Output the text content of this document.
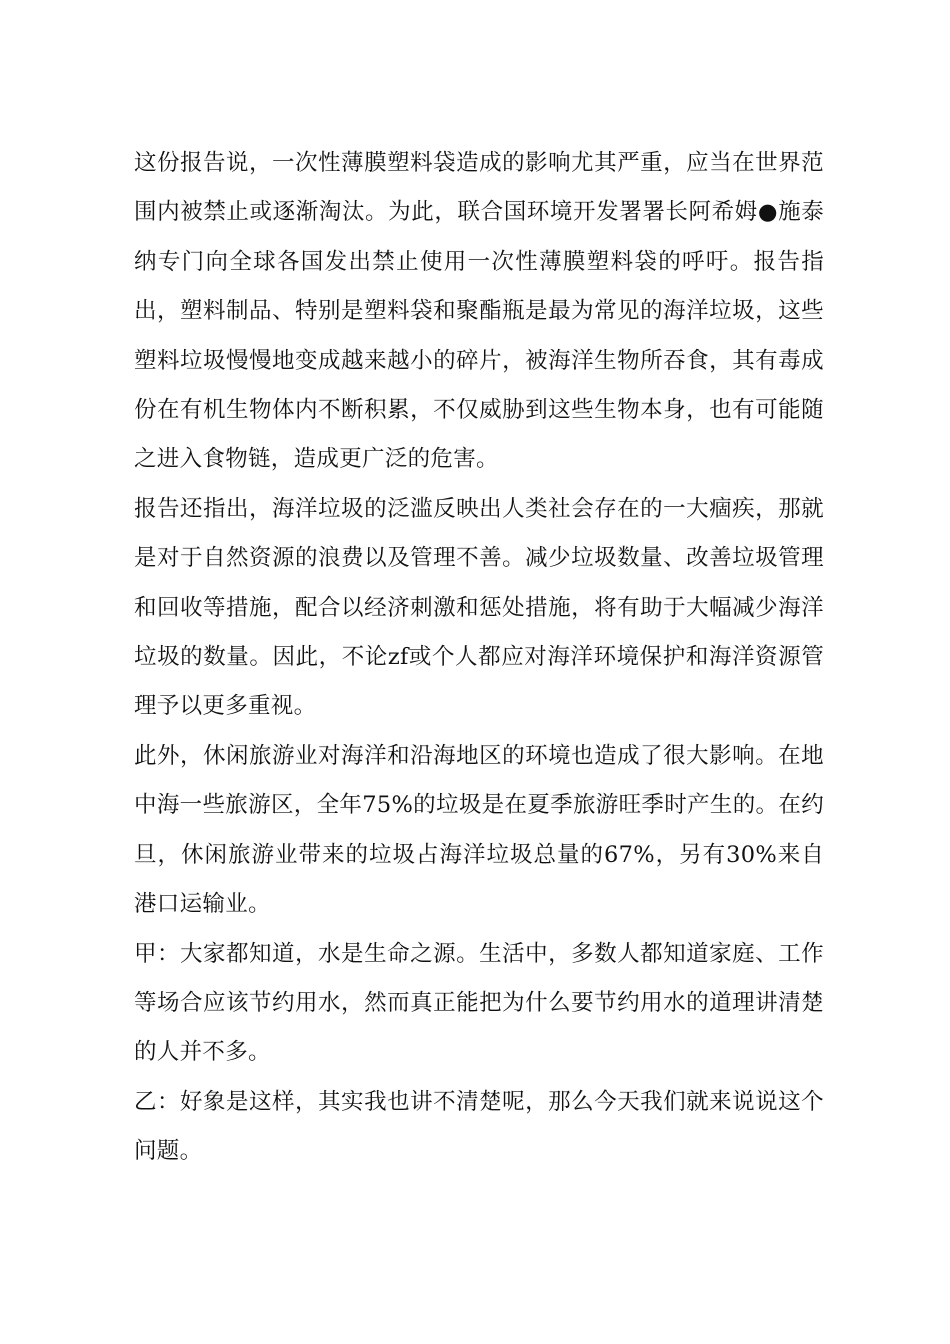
这份报告说，一次性薄膜塑料袋造成的影响尤其严重，应当在世界范围内被禁止或逐渐淘汰。为此，联合国环境开发署署长阿希姆●施泰纳专门向全球各国发出禁止使用一次性薄膜塑料袋的呼吁。报告指出，塑料制品、特别是塑料袋和聚酯瓶是最为常见的海洋垃圾，这些塑料垃圾慢慢地变成越来越小的碎片，被海洋生物所吞食，其有毒成份在有机生物体内不断积累，不仅威胁到这些生物本身，也有可能随之进入食物链，造成更广泛的危害。

报告还指出，海洋垃圾的泛滥反映出人类社会存在的一大痼疾，那就是对于自然资源的浪费以及管理不善。减少垃圾数量、改善垃圾管理和回收等措施，配合以经济刺激和惩处措施，将有助于大幅减少海洋垃圾的数量。因此，不论zf或个人都应对海洋环境保护和海洋资源管理予以更多重视。

此外，休闲旅游业对海洋和沿海地区的环境也造成了很大影响。在地中海一些旅游区，全年75%的垃圾是在夏季旅游旺季时产生的。在约旦，休闲旅游业带来的垃圾占海洋垃圾总量的67%，另有30%来自港口运输业。

甲：大家都知道，水是生命之源。生活中，多数人都知道家庭、工作等场合应该节约用水，然而真正能把为什么要节约用水的道理讲清楚的人并不多。

乙：好象是这样，其实我也讲不清楚呢，那么今天我们就来说说这个问题。
